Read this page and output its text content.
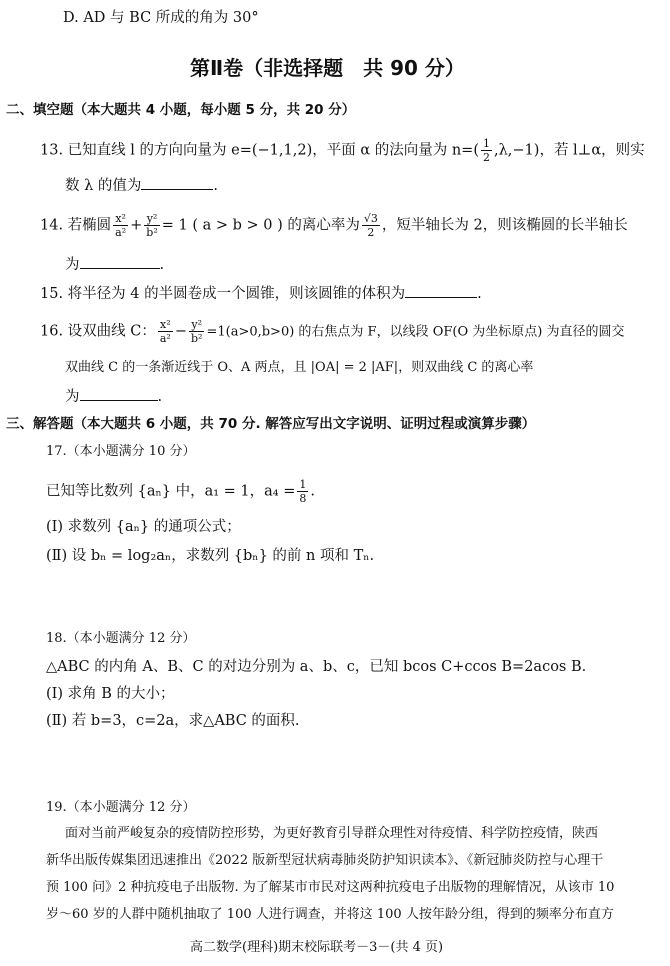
D. AD 与 BC 所成的角为 30°
第Ⅱ卷（非选择题　共 90 分）
二、填空题（本大题共 4 小题，每小题 5 分，共 20 分）
13. 已知直线 l 的方向向量为 e=(−1,1,2)，平面 α 的法向量为 $n=( \frac{1}{2} ,\lambda,-1)$，若 l⊥α，则实
数 λ 的值为	.
14. 若椭圆 $\frac{\text{x²}}{\text{a²}} + \frac{\text{y²}}{\text{b²}} = 1$ ( a > b > 0 ) 的离心率为 $\frac{√3}{2}$ ，短半轴长为 2，则该椭圆的长半轴长
为	.
15. 将半径为 4 的半圆卷成一个圆锥，则该圆锥的体积为	.
16. 设双曲线 C： $\frac{\text{x²}}{\text{a²}} - \frac{\text{y²}}{\text{b²}} =1(a>0,b>0)$ 的右焦点为 F，以线段 OF(O 为坐标原点) 为直径的圆交
双曲线 C 的一条渐近线于 O、A 两点，且 |OA| = 2 |AF|，则双曲线 C 的离心率
为	.
三、解答题（本大题共 6 小题，共 70 分. 解答应写出文字说明、证明过程或演算步骤）
17.（本小题满分 10 分）
已知等比数列 {aₙ} 中，a₁ = 1，$a_4 = \frac{1}{8}$ .
(Ⅰ) 求数列 {aₙ} 的通项公式；
(Ⅱ) 设 bₙ = log₂aₙ，求数列 {bₙ} 的前 n 项和 Tₙ.
18.（本小题满分 12 分）
△ABC 的内角 A、B、C 的对边分别为 a、b、c，已知 bcos C+ccos B=2acos B.
(Ⅰ) 求角 B 的大小；
(Ⅱ) 若 b=3，c=2a，求△ABC 的面积.
19.（本小题满分 12 分）
面对当前严峻复杂的疫情防控形势，为更好教育引导群众理性对待疫情、科学防控疫情，陕西
新华出版传媒集团迅速推出《2022 版新型冠状病毒肺炎防护知识读本》、《新冠肺炎防控与心理干
预 100 问》2 种抗疫电子出版物. 为了解某市市民对这两种抗疫电子出版物的理解情况，从该市 10
岁～60 岁的人群中随机抽取了 100 人进行调查，并将这 100 人按年龄分组，得到的频率分布直方
高二数学(理科)期末校际联考－3－(共 4 页)
